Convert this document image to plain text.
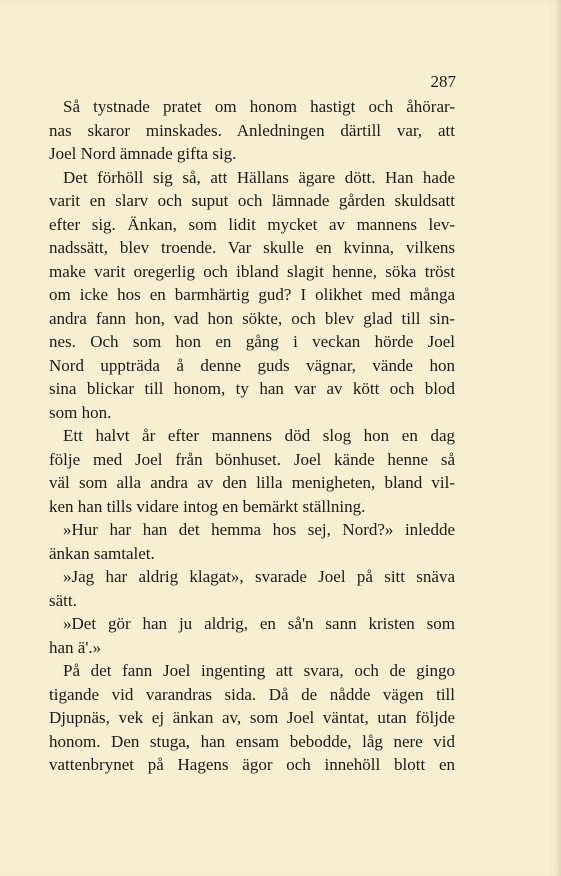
287
Så tystnade pratet om honom hastigt och åhörar-
nas skaror minskades. Anledningen därtill var, att
Joel Nord ämnade gifta sig.
Det förhöll sig så, att Hällans ägare dött. Han hade
varit en slarv och suput och lämnade gården skuldsatt
efter sig. Änkan, som lidit mycket av mannens lev-
nadssätt, blev troende. Var skulle en kvinna, vilkens
make varit oregerlig och ibland slagit henne, söka tröst
om icke hos en barmhärtig gud? I olikhet med många
andra fann hon, vad hon sökte, och blev glad till sin-
nes. Och som hon en gång i veckan hörde Joel
Nord uppträda å denne guds vägnar, vände hon
sina blickar till honom, ty han var av kött och blod
som hon.
Ett halvt år efter mannens död slog hon en dag
följe med Joel från bönhuset. Joel kände henne så
väl som alla andra av den lilla menigheten, bland vil-
ken han tills vidare intog en bemärkt ställning.
»Hur har han det hemma hos sej, Nord?» inledde
änkan samtalet.
»Jag har aldrig klagat», svarade Joel på sitt snäva
sätt.
»Det gör han ju aldrig, en så'n sann kristen som
han ä'.»
På det fann Joel ingenting att svara, och de gingo
tigande vid varandras sida. Då de nådde vägen till
Djupnäs, vek ej änkan av, som Joel väntat, utan följde
honom. Den stuga, han ensam bebodde, låg nere vid
vattenbrynet på Hagens ägor och innehöll blott en
